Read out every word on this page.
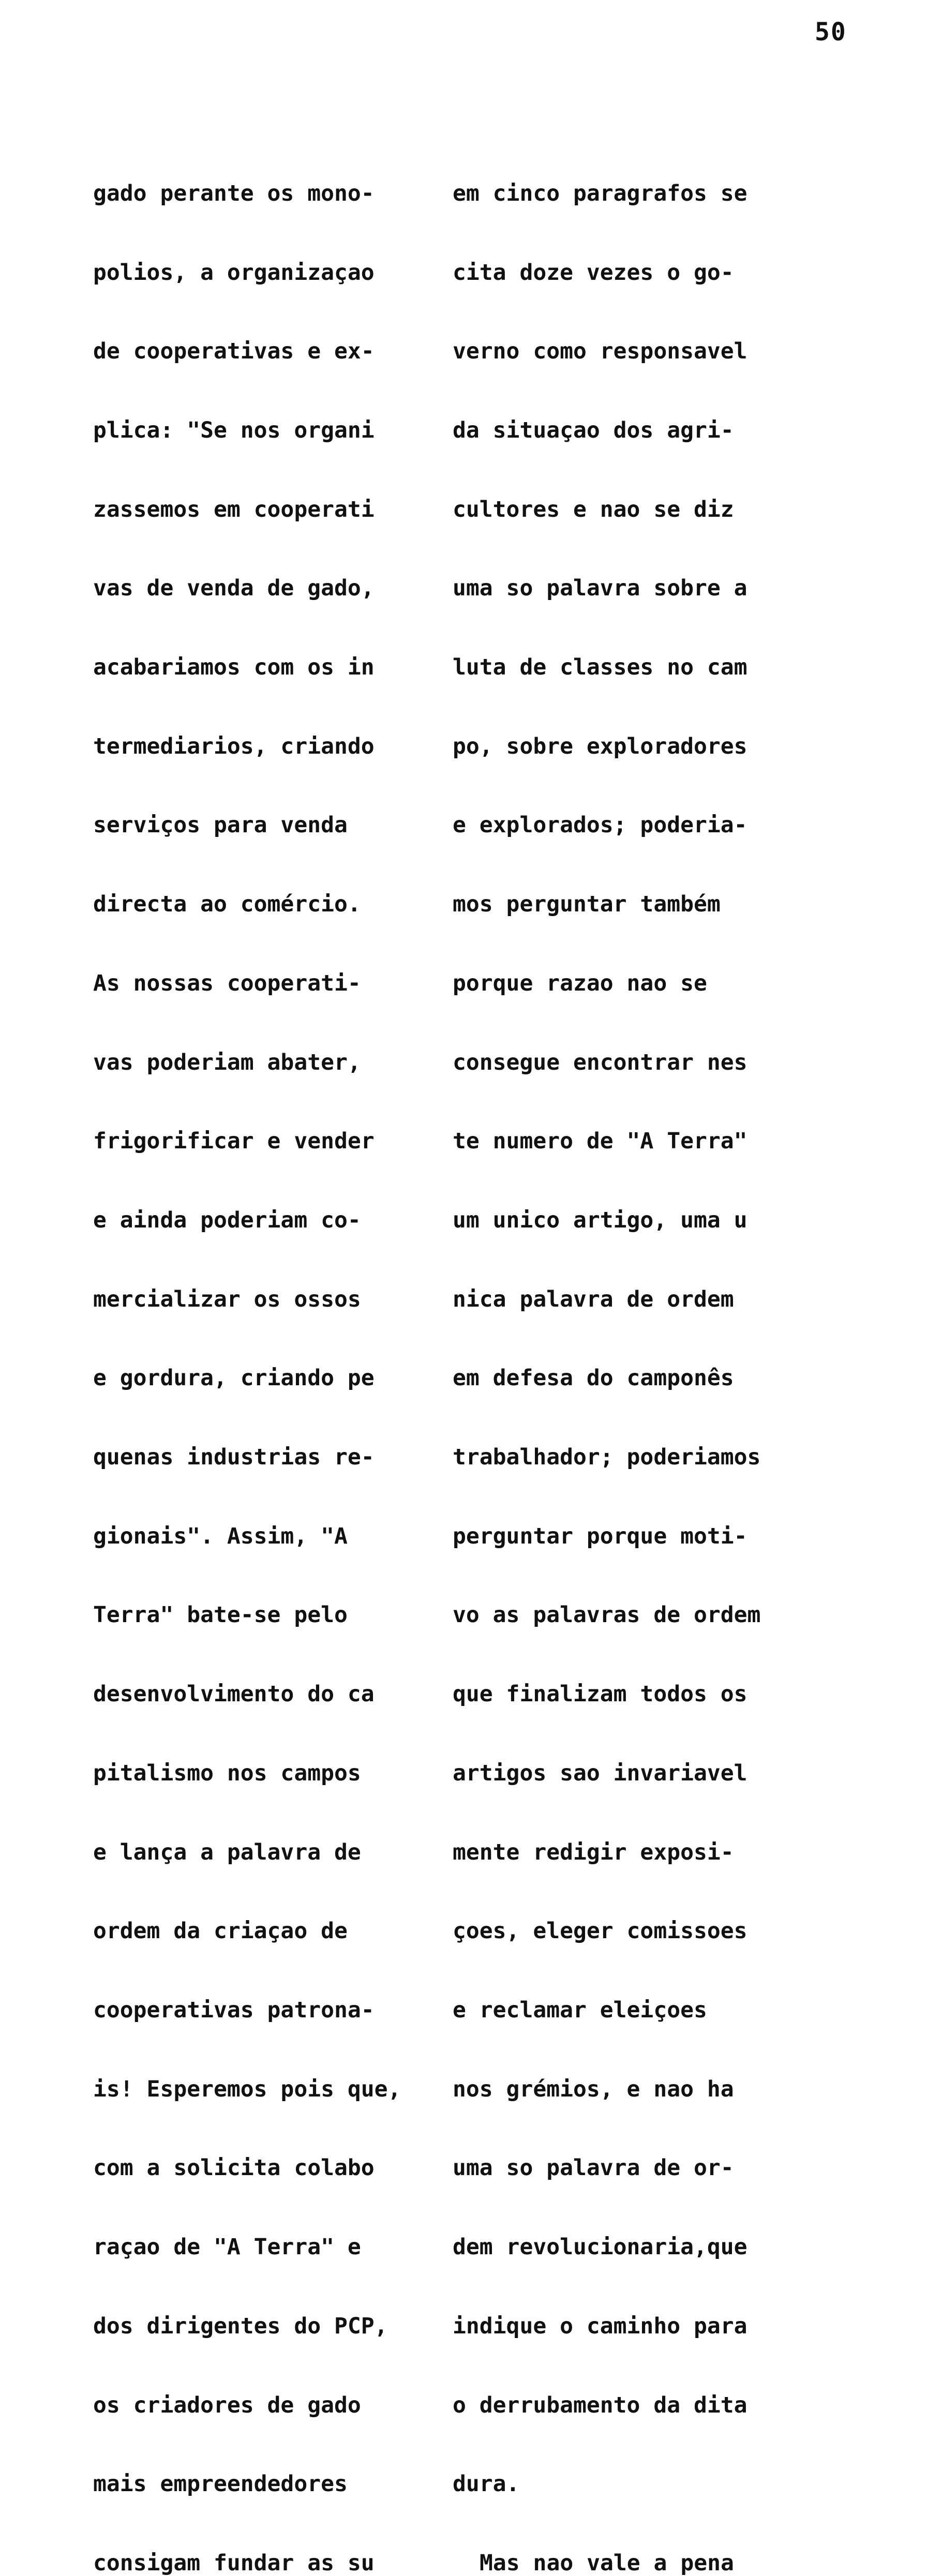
50

gado perante os mono-

polios, a organizaçao

de cooperativas e ex-

plica: "Se nos organi

zassemos em cooperati

vas de venda de gado,

acabariamos com os in

termediarios, criando

serviços para venda

directa ao comércio.

As nossas cooperati-

vas poderiam abater,

frigorificar e vender

e ainda poderiam co-

mercializar os ossos

e gordura, criando pe

quenas industrias re-

gionais". Assim, "A

Terra" bate-se pelo

desenvolvimento do ca

pitalismo nos campos

e lança a palavra de

ordem da criaçao de

cooperativas patrona-

is! Esperemos pois que,

com a solicita colabo

raçao de "A Terra" e

dos dirigentes do PCP,

os criadores de gado

mais empreendedores

consigam fundar as su

em cinco paragrafos se

cita doze vezes o go-

verno como responsavel

da situaçao dos agri-

cultores e nao se diz

uma so palavra sobre a

luta de classes no cam

po, sobre exploradores

e explorados; poderia-

mos perguntar também

porque razao nao se

consegue encontrar nes

te numero de "A Terra"

um unico artigo, uma u

nica palavra de ordem

em defesa do camponês

trabalhador; poderiamos

perguntar porque moti-

vo as palavras de ordem

que finalizam todos os

artigos sao invariavel

mente redigir exposi-

çoes, eleger comissoes

e reclamar eleiçoes

nos grémios, e nao ha

uma so palavra de or-

dem revolucionaria,que

indique o caminho para

o derrubamento da dita

dura.

Mas nao vale a pena
